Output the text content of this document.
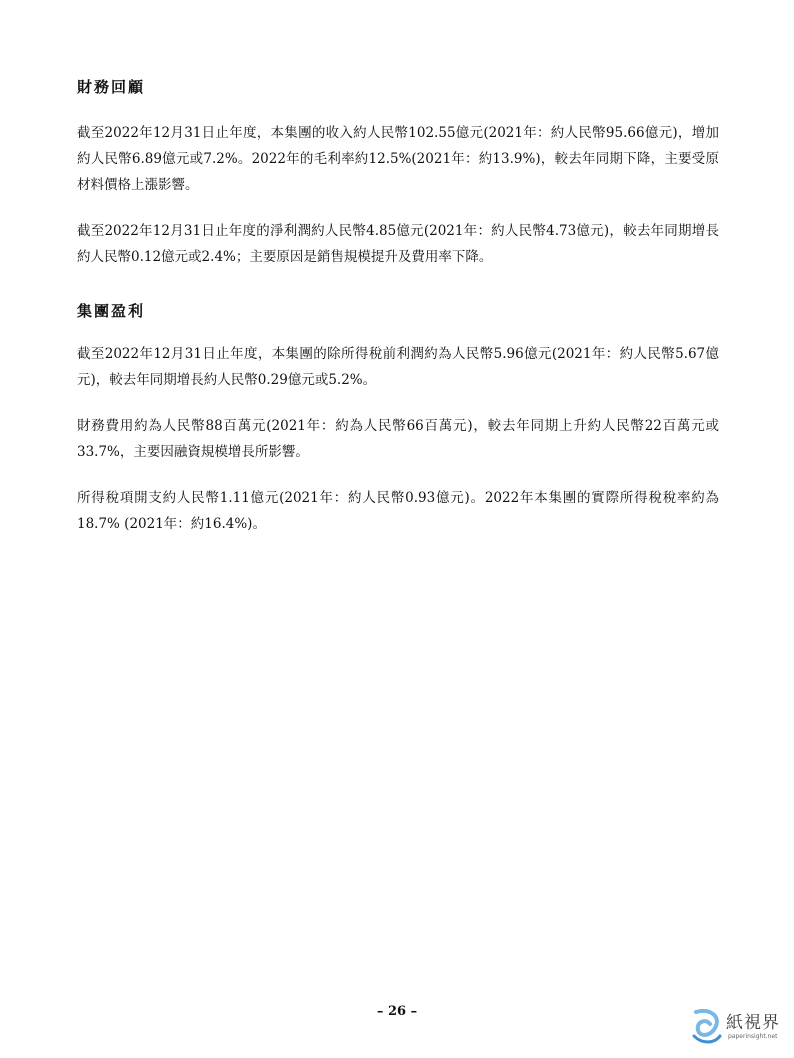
財務回顧

截至2022年12月31日止年度，本集團的收入約人民幣102.55億元(2021年：約人民幣95.66億元)，增加約人民幣6.89億元或7.2%。2022年的毛利率約12.5%(2021年：約13.9%)，較去年同期下降，主要受原材料價格上漲影響。

截至2022年12月31日止年度的淨利潤約人民幣4.85億元(2021年：約人民幣4.73億元)，較去年同期增長約人民幣0.12億元或2.4%；主要原因是銷售規模提升及費用率下降。

集團盈利

截至2022年12月31日止年度，本集團的除所得稅前利潤約為人民幣5.96億元(2021年：約人民幣5.67億元)，較去年同期增長約人民幣0.29億元或5.2%。

財務費用約為人民幣88百萬元(2021年：約為人民幣66百萬元)，較去年同期上升約人民幣22百萬元或33.7%，主要因融資規模增長所影響。

所得稅項開支約人民幣1.11億元(2021年：約人民幣0.93億元)。2022年本集團的實際所得稅稅率約為18.7% (2021年：約16.4%)。

– 26 –
紙視界
paperinsight.net
